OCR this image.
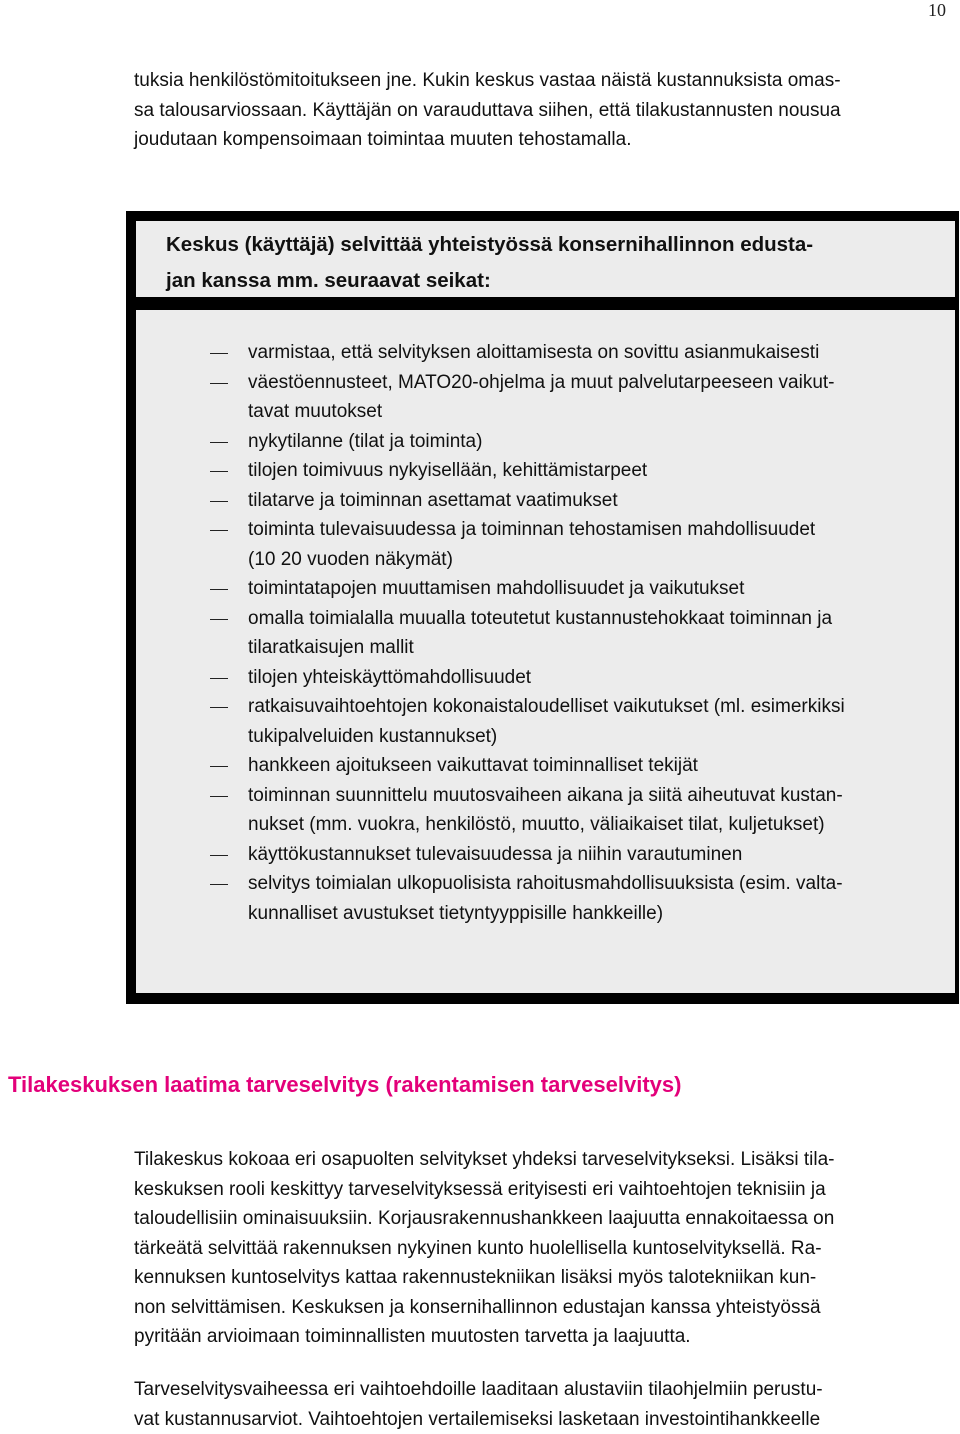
10

tuksia henkilöstömitoitukseen jne. Kukin keskus vastaa näistä kustannuksista omas-
sa talousarviossaan. Käyttäjän on varauduttava siihen, että tilakustannusten nousua
joudutaan kompensoimaan toimintaa muuten tehostamalla.

Keskus (käyttäjä) selvittää yhteistyössä konsernihallinnon edusta-
jan kanssa mm. seuraavat seikat:
varmistaa, että selvityksen aloittamisesta on sovittu asianmukaisesti
väestöennusteet, MATO20-ohjelma ja muut palvelutarpeeseen vaikut-
tavat muutokset
nykytilanne (tilat ja toiminta)
tilojen toimivuus nykyisellään, kehittämistarpeet
tilatarve ja toiminnan asettamat vaatimukset
toiminta tulevaisuudessa ja toiminnan tehostamisen mahdollisuudet
(10 20 vuoden näkymät)
toimintatapojen muuttamisen mahdollisuudet ja vaikutukset
omalla toimialalla muualla toteutetut kustannustehokkaat toiminnan ja
tilaratkaisujen mallit
tilojen yhteiskäyttömahdollisuudet
ratkaisuvaihtoehtojen kokonaistaloudelliset vaikutukset (ml. esimerkiksi
tukipalveluiden kustannukset)
hankkeen ajoitukseen vaikuttavat toiminnalliset tekijät
toiminnan suunnittelu muutosvaiheen aikana ja siitä aiheutuvat kustan-
nukset (mm. vuokra, henkilöstö, muutto, väliaikaiset tilat, kuljetukset)
käyttökustannukset tulevaisuudessa ja niihin varautuminen
selvitys toimialan ulkopuolisista rahoitusmahdollisuuksista (esim. valta-
kunnalliset avustukset tietyntyyppisille hankkeille)
Tilakeskuksen laatima tarveselvitys (rakentamisen tarveselvitys)

Tilakeskus kokoaa eri osapuolten selvitykset yhdeksi tarveselvitykseksi. Lisäksi tila-
keskuksen rooli keskittyy tarveselvityksessä erityisesti eri vaihtoehtojen teknisiin ja
taloudellisiin ominaisuuksiin. Korjausrakennushankkeen laajuutta ennakoitaessa on
tärkeätä selvittää rakennuksen nykyinen kunto huolellisella kuntoselvityksellä. Ra-
kennuksen kuntoselvitys kattaa rakennustekniikan lisäksi myös talotekniikan kun-
non selvittämisen. Keskuksen ja konsernihallinnon edustajan kanssa yhteistyössä
pyritään arvioimaan toiminnallisten muutosten tarvetta ja laajuutta.

Tarveselvitysvaiheessa eri vaihtoehdoille laaditaan alustaviin tilaohjelmiin perustu-
vat kustannusarviot. Vaihtoehtojen vertailemiseksi lasketaan investointihankkeelle
